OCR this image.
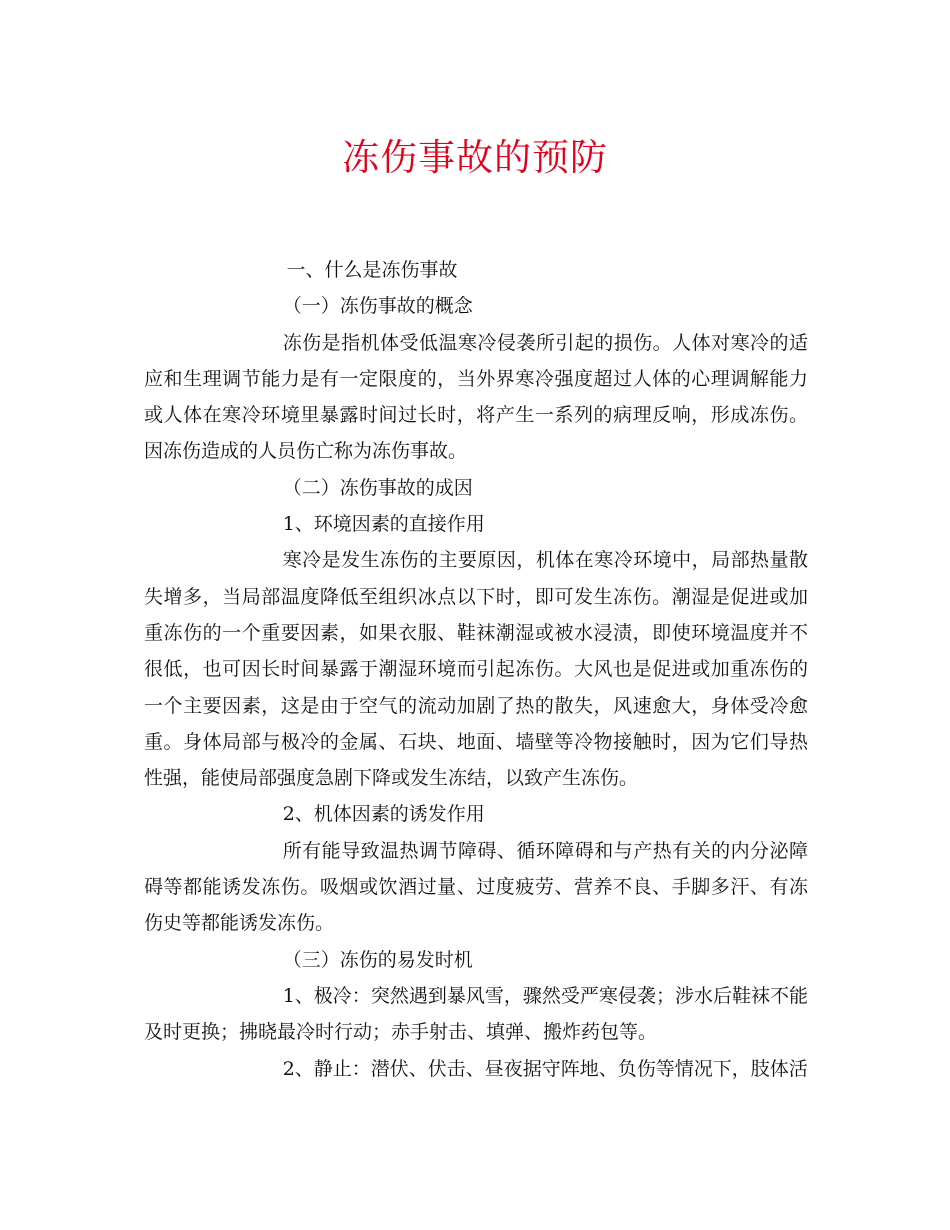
冻伤事故的预防

一、什么是冻伤事故

（一）冻伤事故的概念

冻伤是指机体受低温寒冷侵袭所引起的损伤。人体对寒冷的适应和生理调节能力是有一定限度的，当外界寒冷强度超过人体的心理调解能力或人体在寒冷环境里暴露时间过长时，将产生一系列的病理反响，形成冻伤。因冻伤造成的人员伤亡称为冻伤事故。

（二）冻伤事故的成因

1、环境因素的直接作用

寒冷是发生冻伤的主要原因，机体在寒冷环境中，局部热量散失增多，当局部温度降低至组织冰点以下时，即可发生冻伤。潮湿是促进或加重冻伤的一个重要因素，如果衣服、鞋袜潮湿或被水浸渍，即使环境温度并不很低，也可因长时间暴露于潮湿环境而引起冻伤。大风也是促进或加重冻伤的一个主要因素，这是由于空气的流动加剧了热的散失，风速愈大，身体受冷愈重。身体局部与极冷的金属、石块、地面、墙壁等冷物接触时，因为它们导热性强，能使局部强度急剧下降或发生冻结，以致产生冻伤。

2、机体因素的诱发作用

所有能导致温热调节障碍、循环障碍和与产热有关的内分泌障碍等都能诱发冻伤。吸烟或饮酒过量、过度疲劳、营养不良、手脚多汗、有冻伤史等都能诱发冻伤。

（三）冻伤的易发时机

1、极冷：突然遇到暴风雪，骤然受严寒侵袭；涉水后鞋袜不能及时更换；拂晓最冷时行动；赤手射击、填弹、搬炸药包等。

2、静止：潜伏、伏击、昼夜据守阵地、负伤等情况下，肢体活
